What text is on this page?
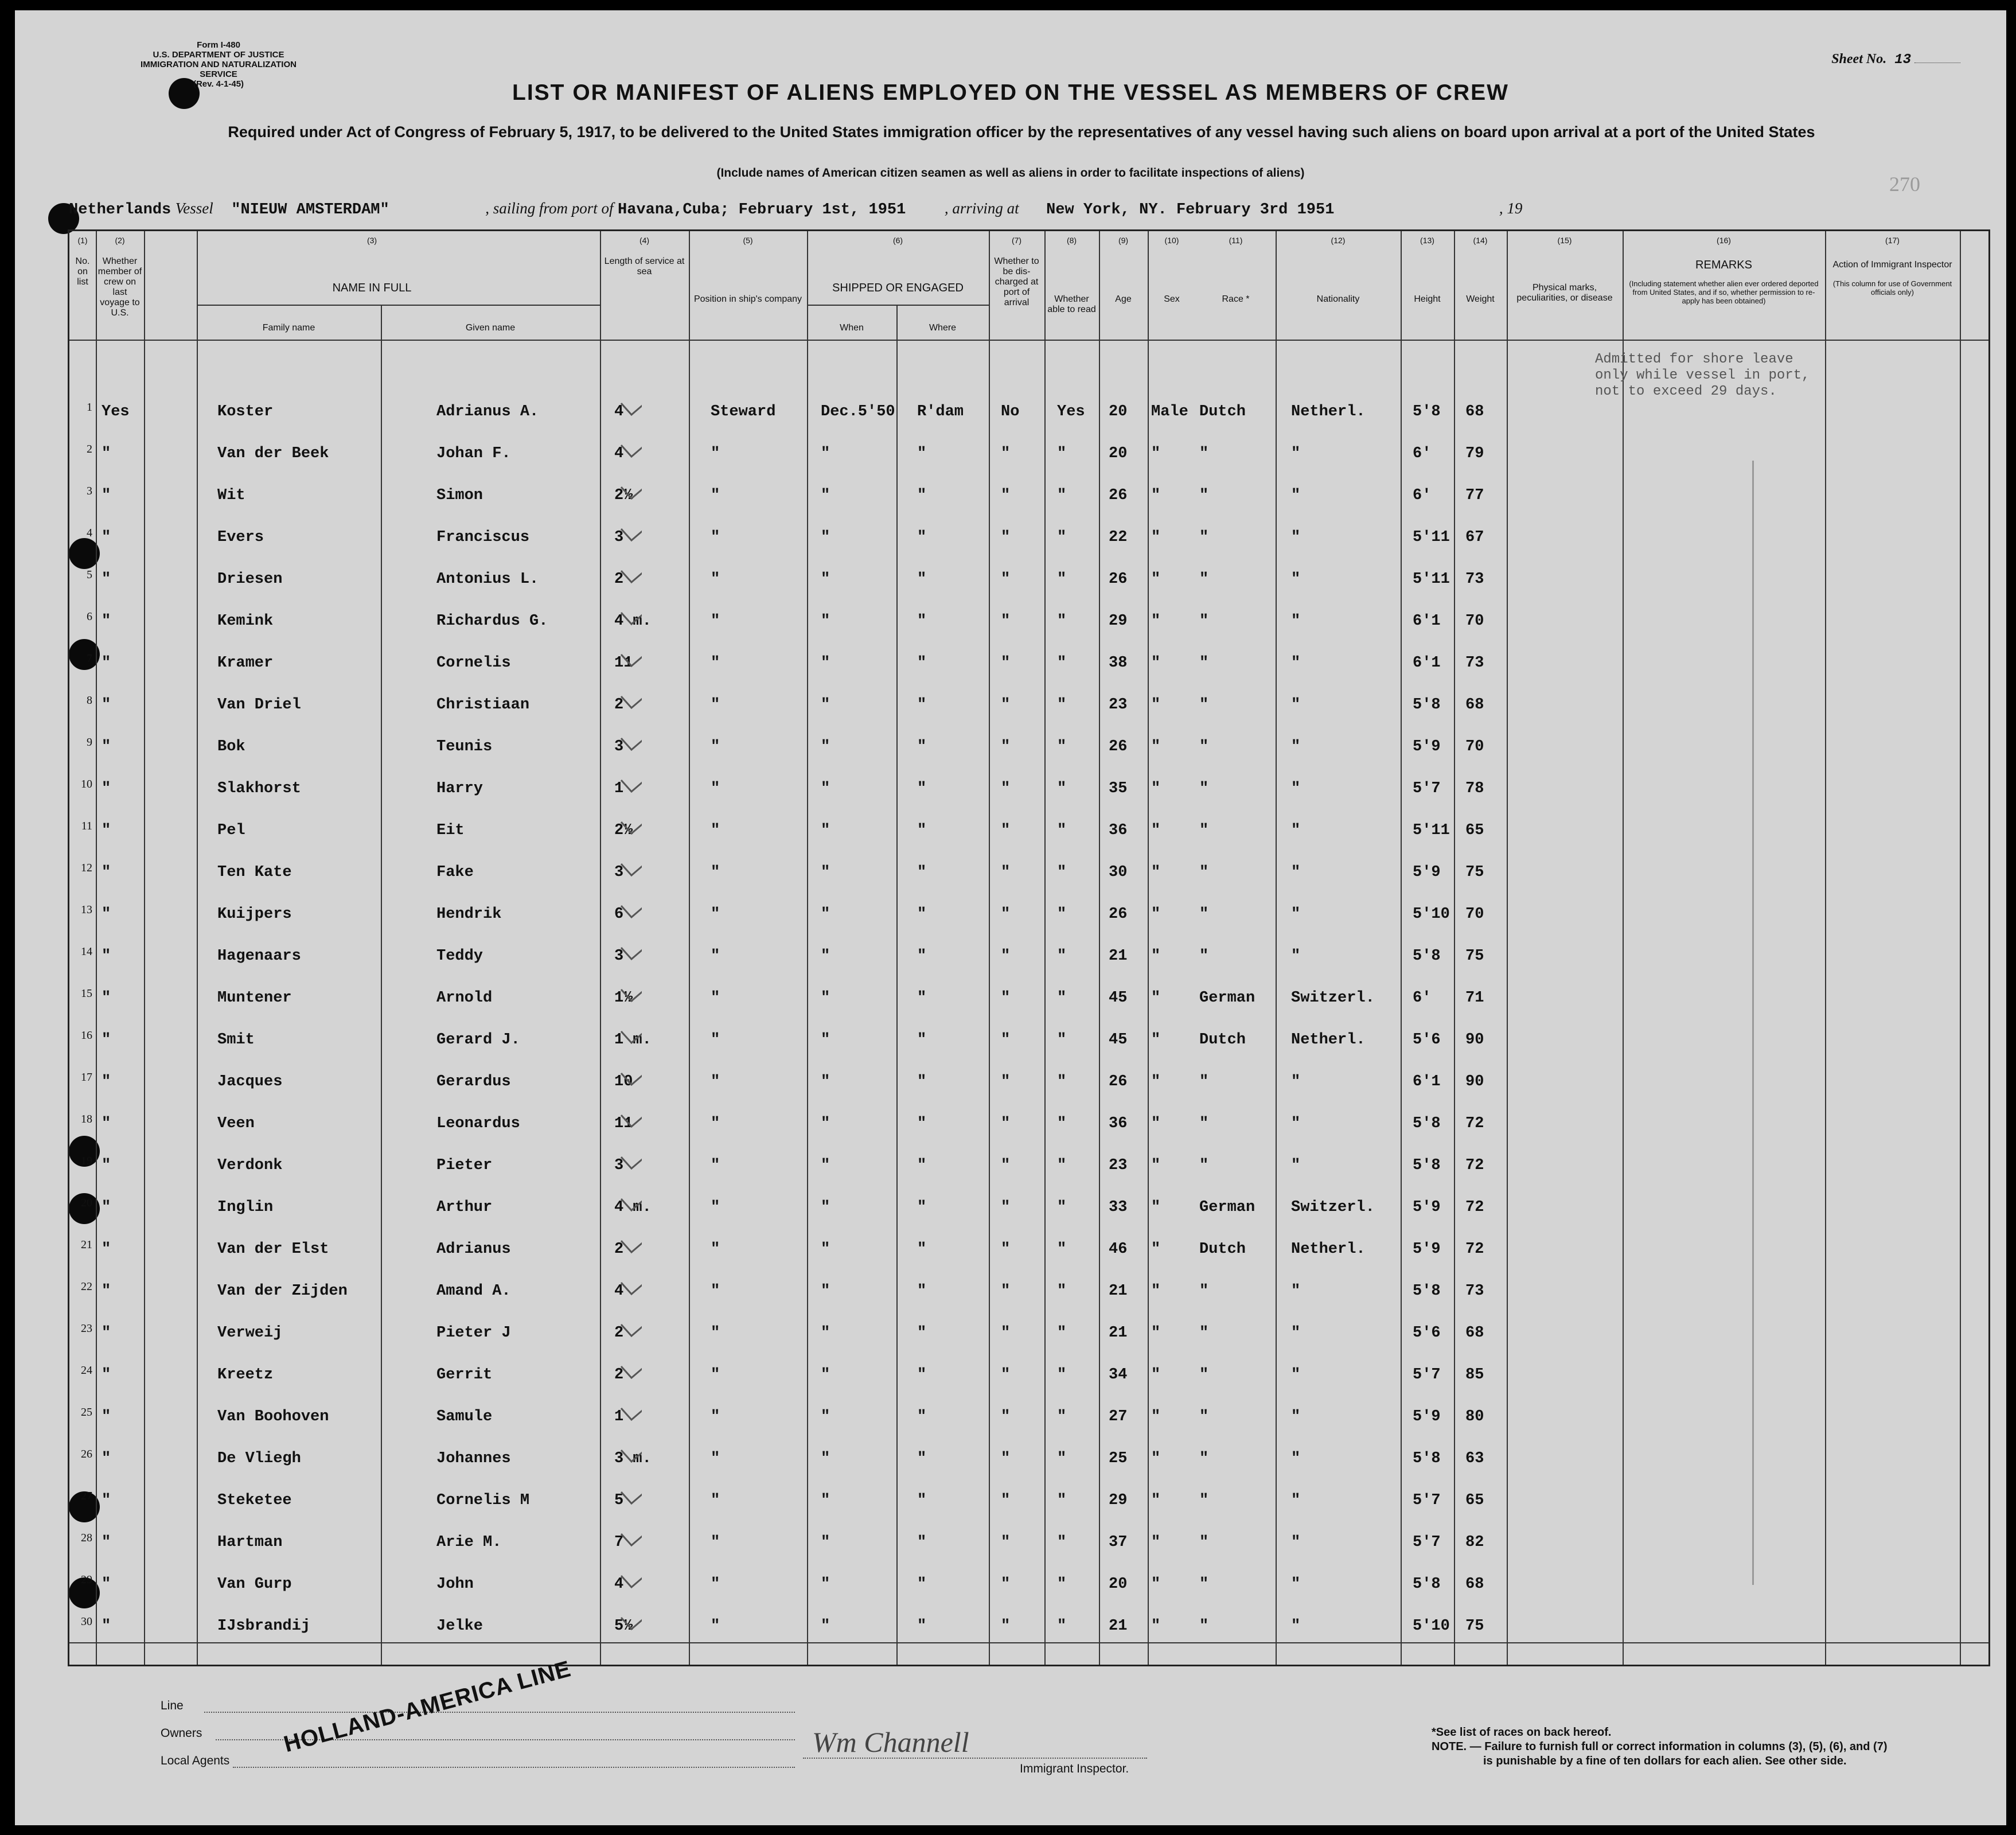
Form I-480
U.S. DEPARTMENT OF JUSTICE
IMMIGRATION AND NATURALIZATION SERVICE
(Rev. 4-1-45)
Sheet No. 13
LIST OR MANIFEST OF ALIENS EMPLOYED ON THE VESSEL AS MEMBERS OF CREW
Required under Act of Congress of February 5, 1917, to be delivered to the United States immigration officer by the representatives of any vessel having such aliens on board upon arrival at a port of the United States
(Include names of American citizen seamen as well as aliens in order to facilitate inspections of aliens)	270
Netherlands Vessel "NIEUW AMSTERDAM"	, sailing from port of Havana,Cuba; February 1st, 1951	, arriving at New York, NY. February 3rd 1951	, 19
(1)
No. on list
(2)
Whether member of crew on last voyage to U.S.
(3)
NAME IN FULL
(4)
Length of service at sea
(5)
Position in ship's company
(6)
SHIPPED OR ENGAGED
(7)
Whether to be dis-charged at port of arrival
(8)
Whether able to read
(9)
Age
(10)
Sex
(11)
Race *
(12)
Nationality
(13)
Height
(14)
Weight
(15)
Physical marks, peculiarities, or disease
(16)
REMARKS
(17)
Action of Immigrant Inspector
Family name	Given name	When	Where
(Including statement whether alien ever ordered deported from United States, and if so, whether permission to re-apply has been obtained)
(This column for use of Government officials only)
1 Yes	Koster	Adrianus A.	4	Steward	Dec.5'50 R'dam No Yes 20 Male Dutch	Netherl.	5'8 68
2 "	Van der Beek	Johan F.	4	"	"	"	"	"	20 "	"	"	6' 79
3 "	Wit	Simon	2½	"	"	"	"	"	26 "	"	"	6' 77
4 "	Evers	Franciscus	3	"	"	"	"	"	22 "	"	"	5'11 67
5 "	Driesen	Antonius L.	2	"	"	"	"	"	26 "	"	"	5'11 73
6 "	Kemink	Richardus G.	4 m.	"	"	"	"	"	29 "	"	"	6'1 70
7 "	Kramer	Cornelis	11	"	"	"	"	"	38 "	"	"	6'1 73
8 "	Van Driel	Christiaan	2	"	"	"	"	"	23 "	"	"	5'8 68
9 "	Bok	Teunis	3	"	"	"	"	"	26 "	"	"	5'9 70
10 "	Slakhorst	Harry	1	"	"	"	"	"	35 "	"	"	5'7 78
11 "	Pel	Eit	2½	"	"	"	"	"	36 "	"	"	5'11 65
12 "	Ten Kate	Fake	3	"	"	"	"	"	30 "	"	"	5'9 75
13 "	Kuijpers	Hendrik	6	"	"	"	"	"	26 "	"	"	5'10 70
14 "	Hagenaars	Teddy	3	"	"	"	"	"	21 "	"	"	5'8 75
15 "	Muntener	Arnold	1½	"	"	"	"	"	45 "	German Switzerl. 6' 71
16 "	Smit	Gerard J.	1 m.	"	"	"	"	"	45 "	Dutch	Netherl.	5'6 90
17 "	Jacques	Gerardus	10	"	"	"	"	"	26 "	"	"	6'1 90
18 "	Veen	Leonardus	11	"	"	"	"	"	36 "	"	"	5'8 72
19 "	Verdonk	Pieter	3	"	"	"	"	"	23 "	"	"	5'8 72
20 "	Inglin	Arthur	4 m.	"	"	"	"	"	33 "	German Switzerl. 5'9 72
21 "	Van der Elst	Adrianus	2	"	"	"	"	"	46 "	Dutch	Netherl.	5'9 72
22 "	Van der Zijden	Amand A.	4	"	"	"	"	"	21 "	"	"	5'8 73
23 "	Verweij	Pieter J	2	"	"	"	"	"	21 "	"	"	5'6 68
24 "	Kreetz	Gerrit	2	"	"	"	"	"	34 "	"	"	5'7 85
25 "	Van Boohoven	Samule	1	"	"	"	"	"	27 "	"	"	5'9 80
26 "	De Vliegh	Johannes	3 m.	"	"	"	"	"	25 "	"	"	5'8 63
27 "	Steketee	Cornelis M	5	"	"	"	"	"	29 "	"	"	5'7 65
28 "	Hartman	Arie M.	7	"	"	"	"	"	37 "	"	"	5'7 82
29 "	Van Gurp	John	4	"	"	"	"	"	20 "	"	"	5'8 68
30 "	IJsbrandij	Jelke	5½	"	"	"	"	"	21 "	"	"	5'10 75
Admitted for shore leave only while vessel in port, not to exceed 29 days.
Line
Owners
Local Agents
HOLLAND-AMERICA LINE	Wm Channell
Immigrant Inspector.
*See list of races on back hereof.
NOTE. — Failure to furnish full or correct information in columns (3), (5), (6), and (7)
is punishable by a fine of ten dollars for each alien. See other side.
